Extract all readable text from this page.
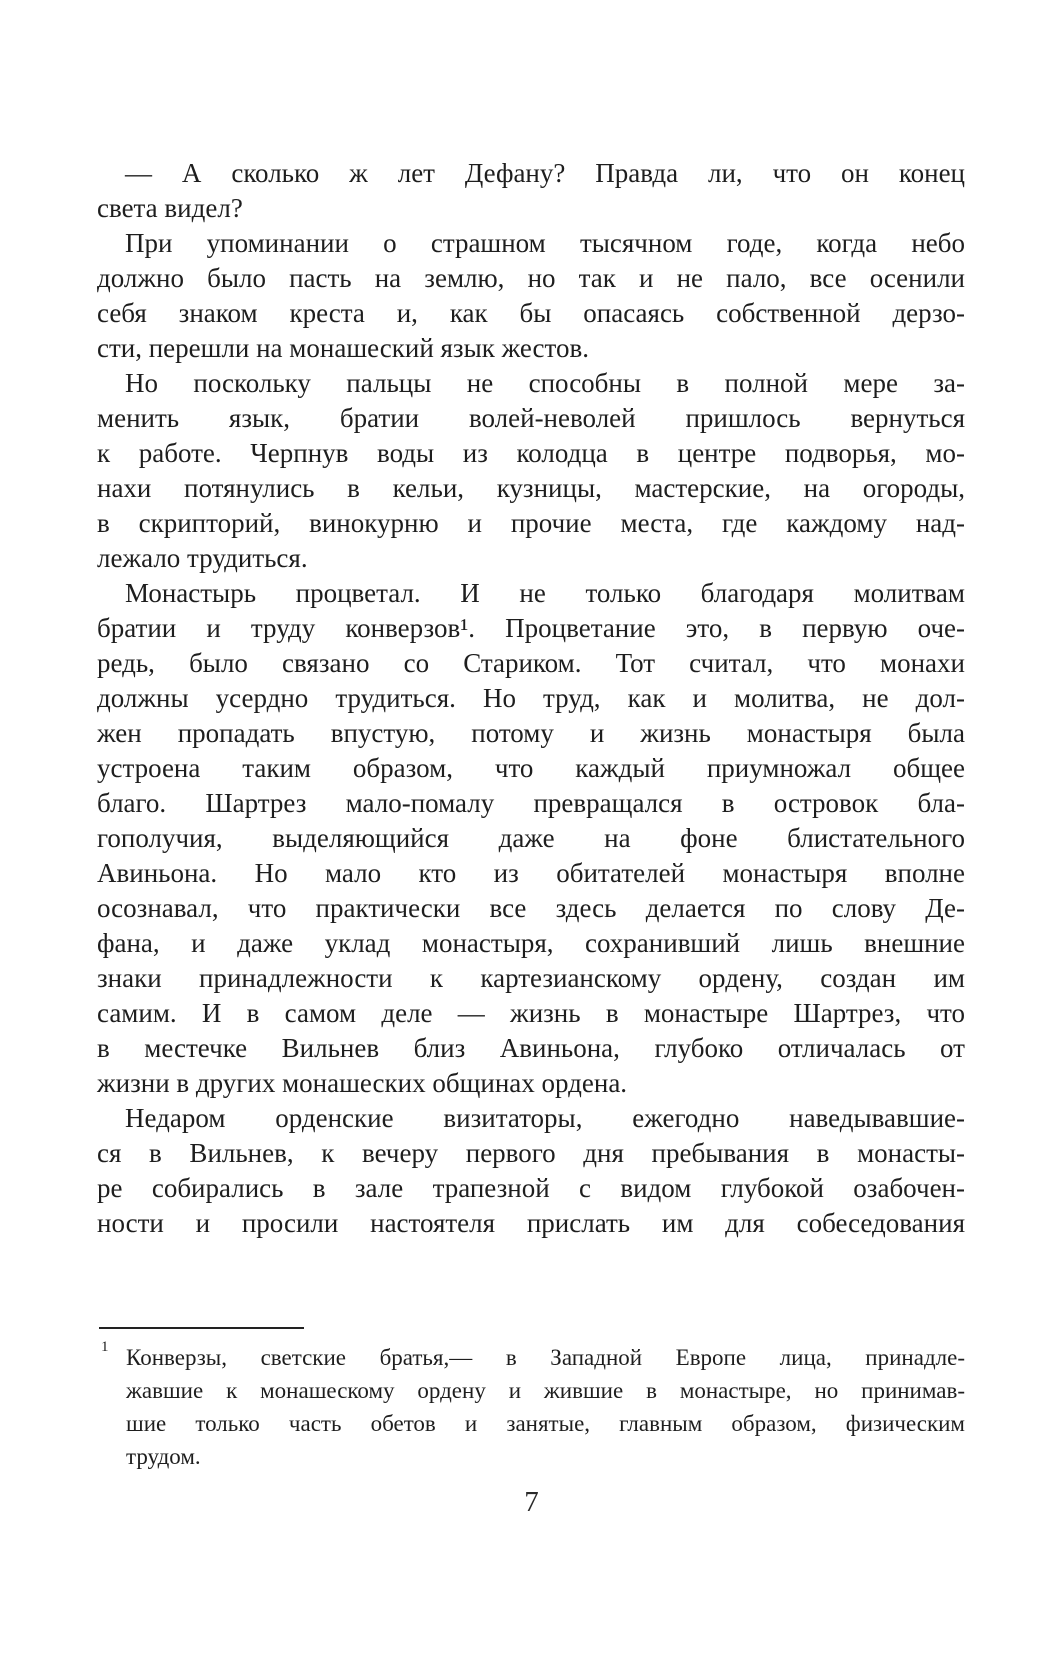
— А сколько ж лет Дефану? Правда ли, что он конец
света видел?

При упоминании о страшном тысячном годе, когда небо
должно было пасть на землю, но так и не пало, все осенили
себя знаком креста и, как бы опасаясь собственной дерзо-
сти, перешли на монашеский язык жестов.

Но поскольку пальцы не способны в полной мере за-
менить язык, братии волей-неволей пришлось вернуться
к работе. Черпнув воды из колодца в центре подворья, мо-
нахи потянулись в кельи, кузницы, мастерские, на огороды,
в скрипторий, винокурню и прочие места, где каждому над-
лежало трудиться.

Монастырь процветал. И не только благодаря молитвам
братии и труду конверзов¹. Процветание это, в первую оче-
редь, было связано со Стариком. Тот считал, что монахи
должны усердно трудиться. Но труд, как и молитва, не дол-
жен пропадать впустую, потому и жизнь монастыря была
устроена таким образом, что каждый приумножал общее
благо. Шартрез мало-помалу превращался в островок бла-
гополучия, выделяющийся даже на фоне блистательного
Авиньона. Но мало кто из обитателей монастыря вполне
осознавал, что практически все здесь делается по слову Де-
фана, и даже уклад монастыря, сохранивший лишь внешние
знаки принадлежности к картезианскому ордену, создан им
самим. И в самом деле — жизнь в монастыре Шартрез, что
в местечке Вильнев близ Авиньона, глубоко отличалась от
жизни в других монашеских общинах ордена.

Недаром орденские визитаторы, ежегодно наведывавшие-
ся в Вильнев, к вечеру первого дня пребывания в монасты-
ре собирались в зале трапезной с видом глубокой озабочен-
ности и просили настоятеля прислать им для собеседования

1 Конверзы, светские братья,— в Западной Европе лица, принадле-
жавшие к монашескому ордену и жившие в монастыре, но принимав-
шие только часть обетов и занятые, главным образом, физическим
трудом.
7
